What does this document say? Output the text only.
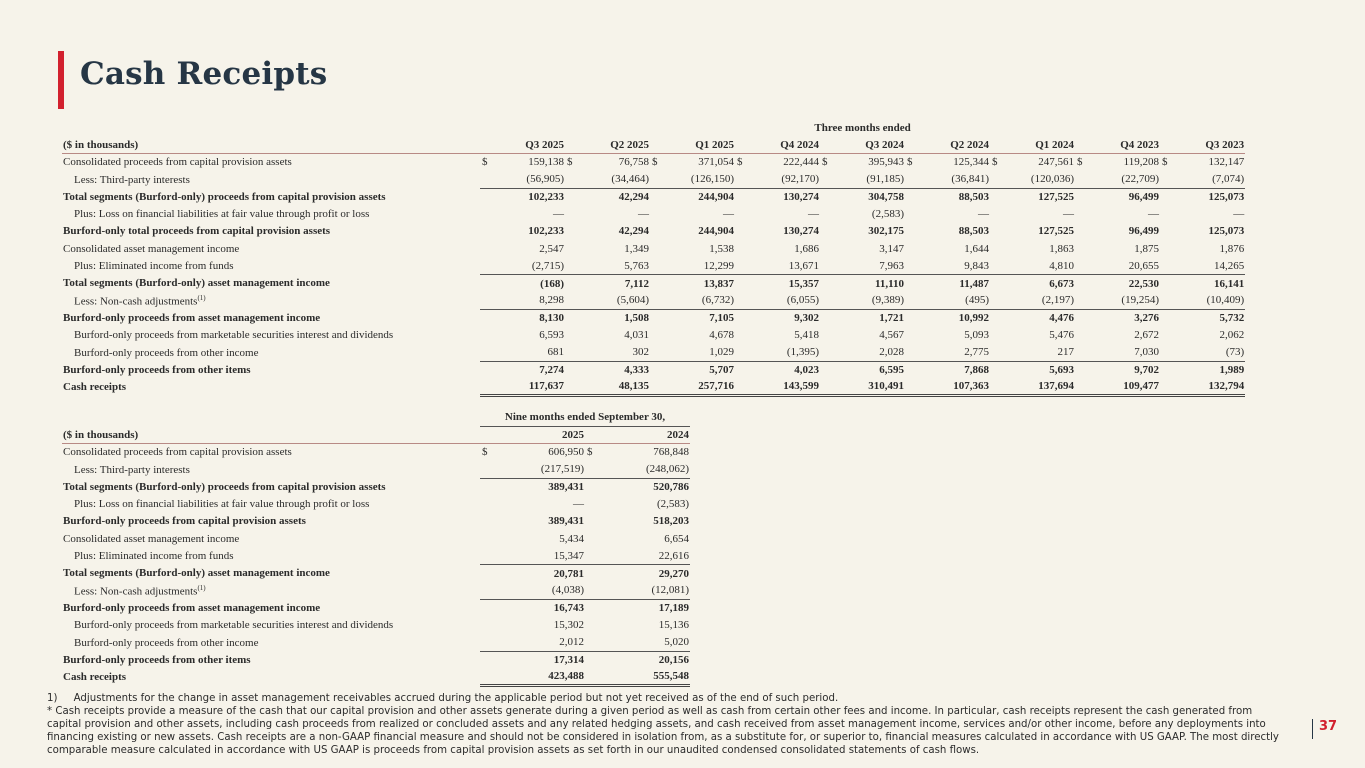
Cash Receipts
	Three months ended																	
($ in thousands)	Q3 2025		Q2 2025		Q1 2025		Q4 2024		Q3 2024		Q2 2024		Q1 2024		Q4 2023		Q3 2023	
Consolidated proceeds from capital provision assets	$	159,138	$	76,758	$	371,054	$	222,444	$	395,943	$	125,344	$	247,561	$	119,208	$	132,147
Less: Third-party interests		(56,905)		(34,464)		(126,150)		(92,170)		(91,185)		(36,841)		(120,036)		(22,709)		(7,074)
Total segments (Burford-only) proceeds from capital provision assets		102,233		42,294		244,904		130,274		304,758		88,503		127,525		96,499		125,073
Plus: Loss on financial liabilities at fair value through profit or loss		—		—		—		—		(2,583)		—		—		—		—
Burford-only total proceeds from capital provision assets		102,233		42,294		244,904		130,274		302,175		88,503		127,525		96,499		125,073
Consolidated asset management income		2,547		1,349		1,538		1,686		3,147		1,644		1,863		1,875		1,876
Plus: Eliminated income from funds		(2,715)		5,763		12,299		13,671		7,963		9,843		4,810		20,655		14,265
Total segments (Burford-only) asset management income		(168)		7,112		13,837		15,357		11,110		11,487		6,673		22,530		16,141
Less: Non-cash adjustments$^{(1)}$		8,298		(5,604)		(6,732)		(6,055)		(9,389)		(495)		(2,197)		(19,254)		(10,409)
Burford-only proceeds from asset management income		8,130		1,508		7,105		9,302		1,721		10,992		4,476		3,276		5,732
Burford-only proceeds from marketable securities interest and dividends		6,593		4,031		4,678		5,418		4,567		5,093		5,476		2,672		2,062
Burford-only proceeds from other income		681		302		1,029		(1,395)		2,028		2,775		217		7,030		(73)
Burford-only proceeds from other items		7,274		4,333		5,707		4,023		6,595		7,868		5,693		9,702		1,989
Cash receipts		117,637		48,135		257,716		143,599		310,491		107,363		137,694		109,477		132,794
	Nine months ended September 30,			
($ in thousands)	2025		2024	
Consolidated proceeds from capital provision assets	$	606,950	$	768,848
Less: Third-party interests		(217,519)		(248,062)
Total segments (Burford-only) proceeds from capital provision assets		389,431		520,786
Plus: Loss on financial liabilities at fair value through profit or loss		—		(2,583)
Burford-only proceeds from capital provision assets		389,431		518,203
Consolidated asset management income		5,434		6,654
Plus: Eliminated income from funds		15,347		22,616
Total segments (Burford-only) asset management income		20,781		29,270
Less: Non-cash adjustments$^{(1)}$		(4,038)		(12,081)
Burford-only proceeds from asset management income		16,743		17,189
Burford-only proceeds from marketable securities interest and dividends		15,302		15,136
Burford-only proceeds from other income		2,012		5,020
Burford-only proceeds from other items		17,314		20,156
Cash receipts		423,488		555,548

1)     Adjustments for the change in asset management receivables accrued during the applicable period but not yet received as of the end of such period.

* Cash receipts provide a measure of the cash that our capital provision and other assets generate during a given period as well as cash from certain other fees and income. In particular, cash receipts represent the cash generated from capital provision and other assets, including cash proceeds from realized or concluded assets and any related hedging assets, and cash received from asset management income, services and/or other income, before any deployments into financing existing or new assets. Cash receipts are a non-GAAP financial measure and should not be considered in isolation from, as a substitute for, or superior to, financial measures calculated in accordance with US GAAP. The most directly comparable measure calculated in accordance with US GAAP is proceeds from capital provision assets as set forth in our unaudited condensed consolidated statements of cash flows.

37
